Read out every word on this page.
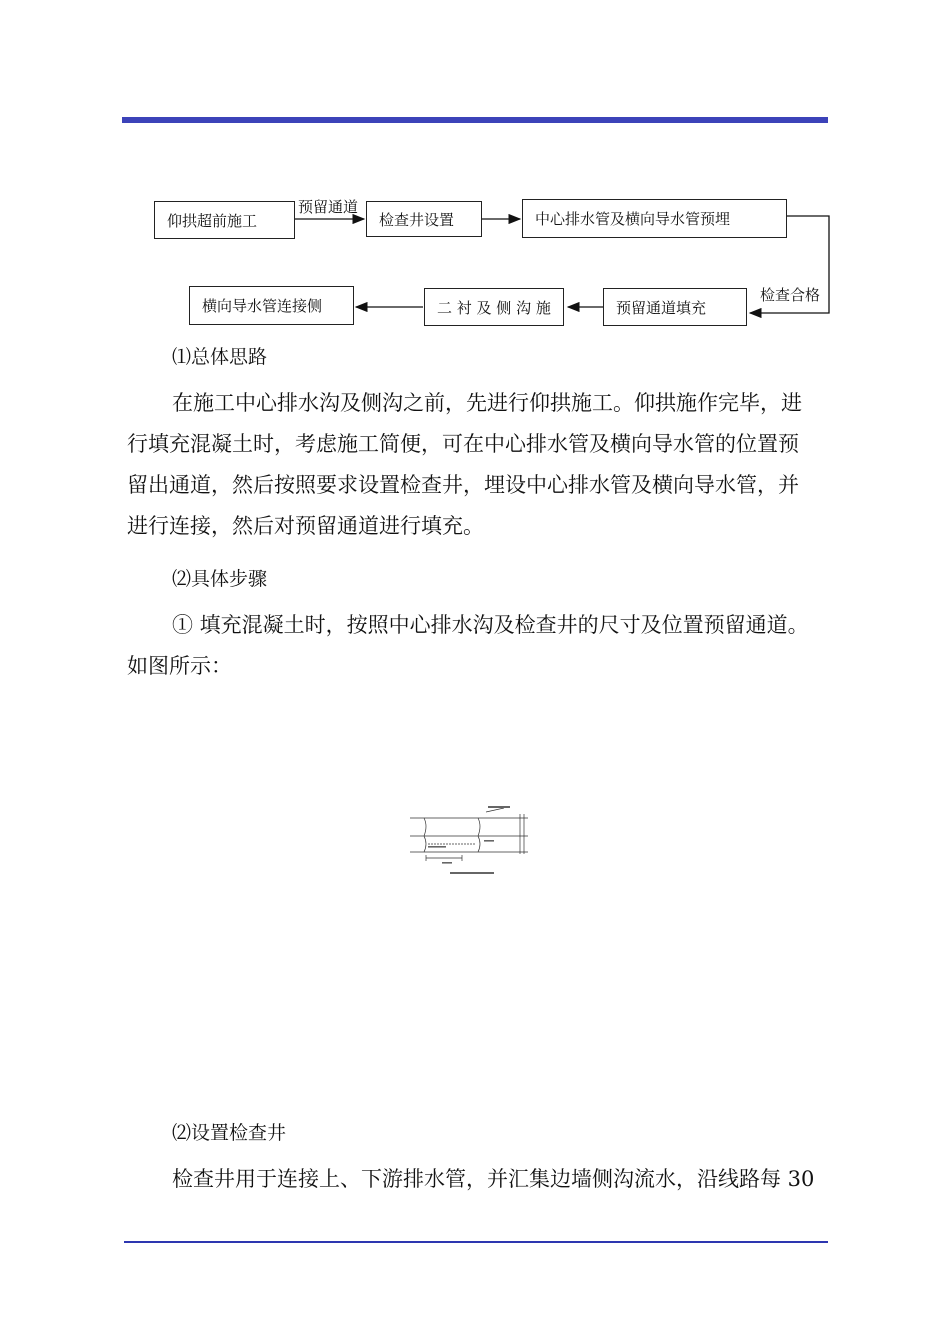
仰拱超前施工
预留通道
检查井设置	中心排水管及横向导水管预埋
检查合格
预留通道填充
二 衬 及 侧 沟 施
横向导水管连接侧
⑴总体思路
在施工中心排水沟及侧沟之前，先进行仰拱施工。仰拱施作完毕，进
行填充混凝土时，考虑施工简便，可在中心排水管及横向导水管的位置预
留出通道，然后按照要求设置检查井，埋设中心排水管及横向导水管，并
进行连接，然后对预留通道进行填充。
⑵具体步骤
① 填充混凝土时，按照中心排水沟及检查井的尺寸及位置预留通道。
如图所示：
⑵设置检查井
检查井用于连接上、下游排水管，并汇集边墙侧沟流水，沿线路每 30
